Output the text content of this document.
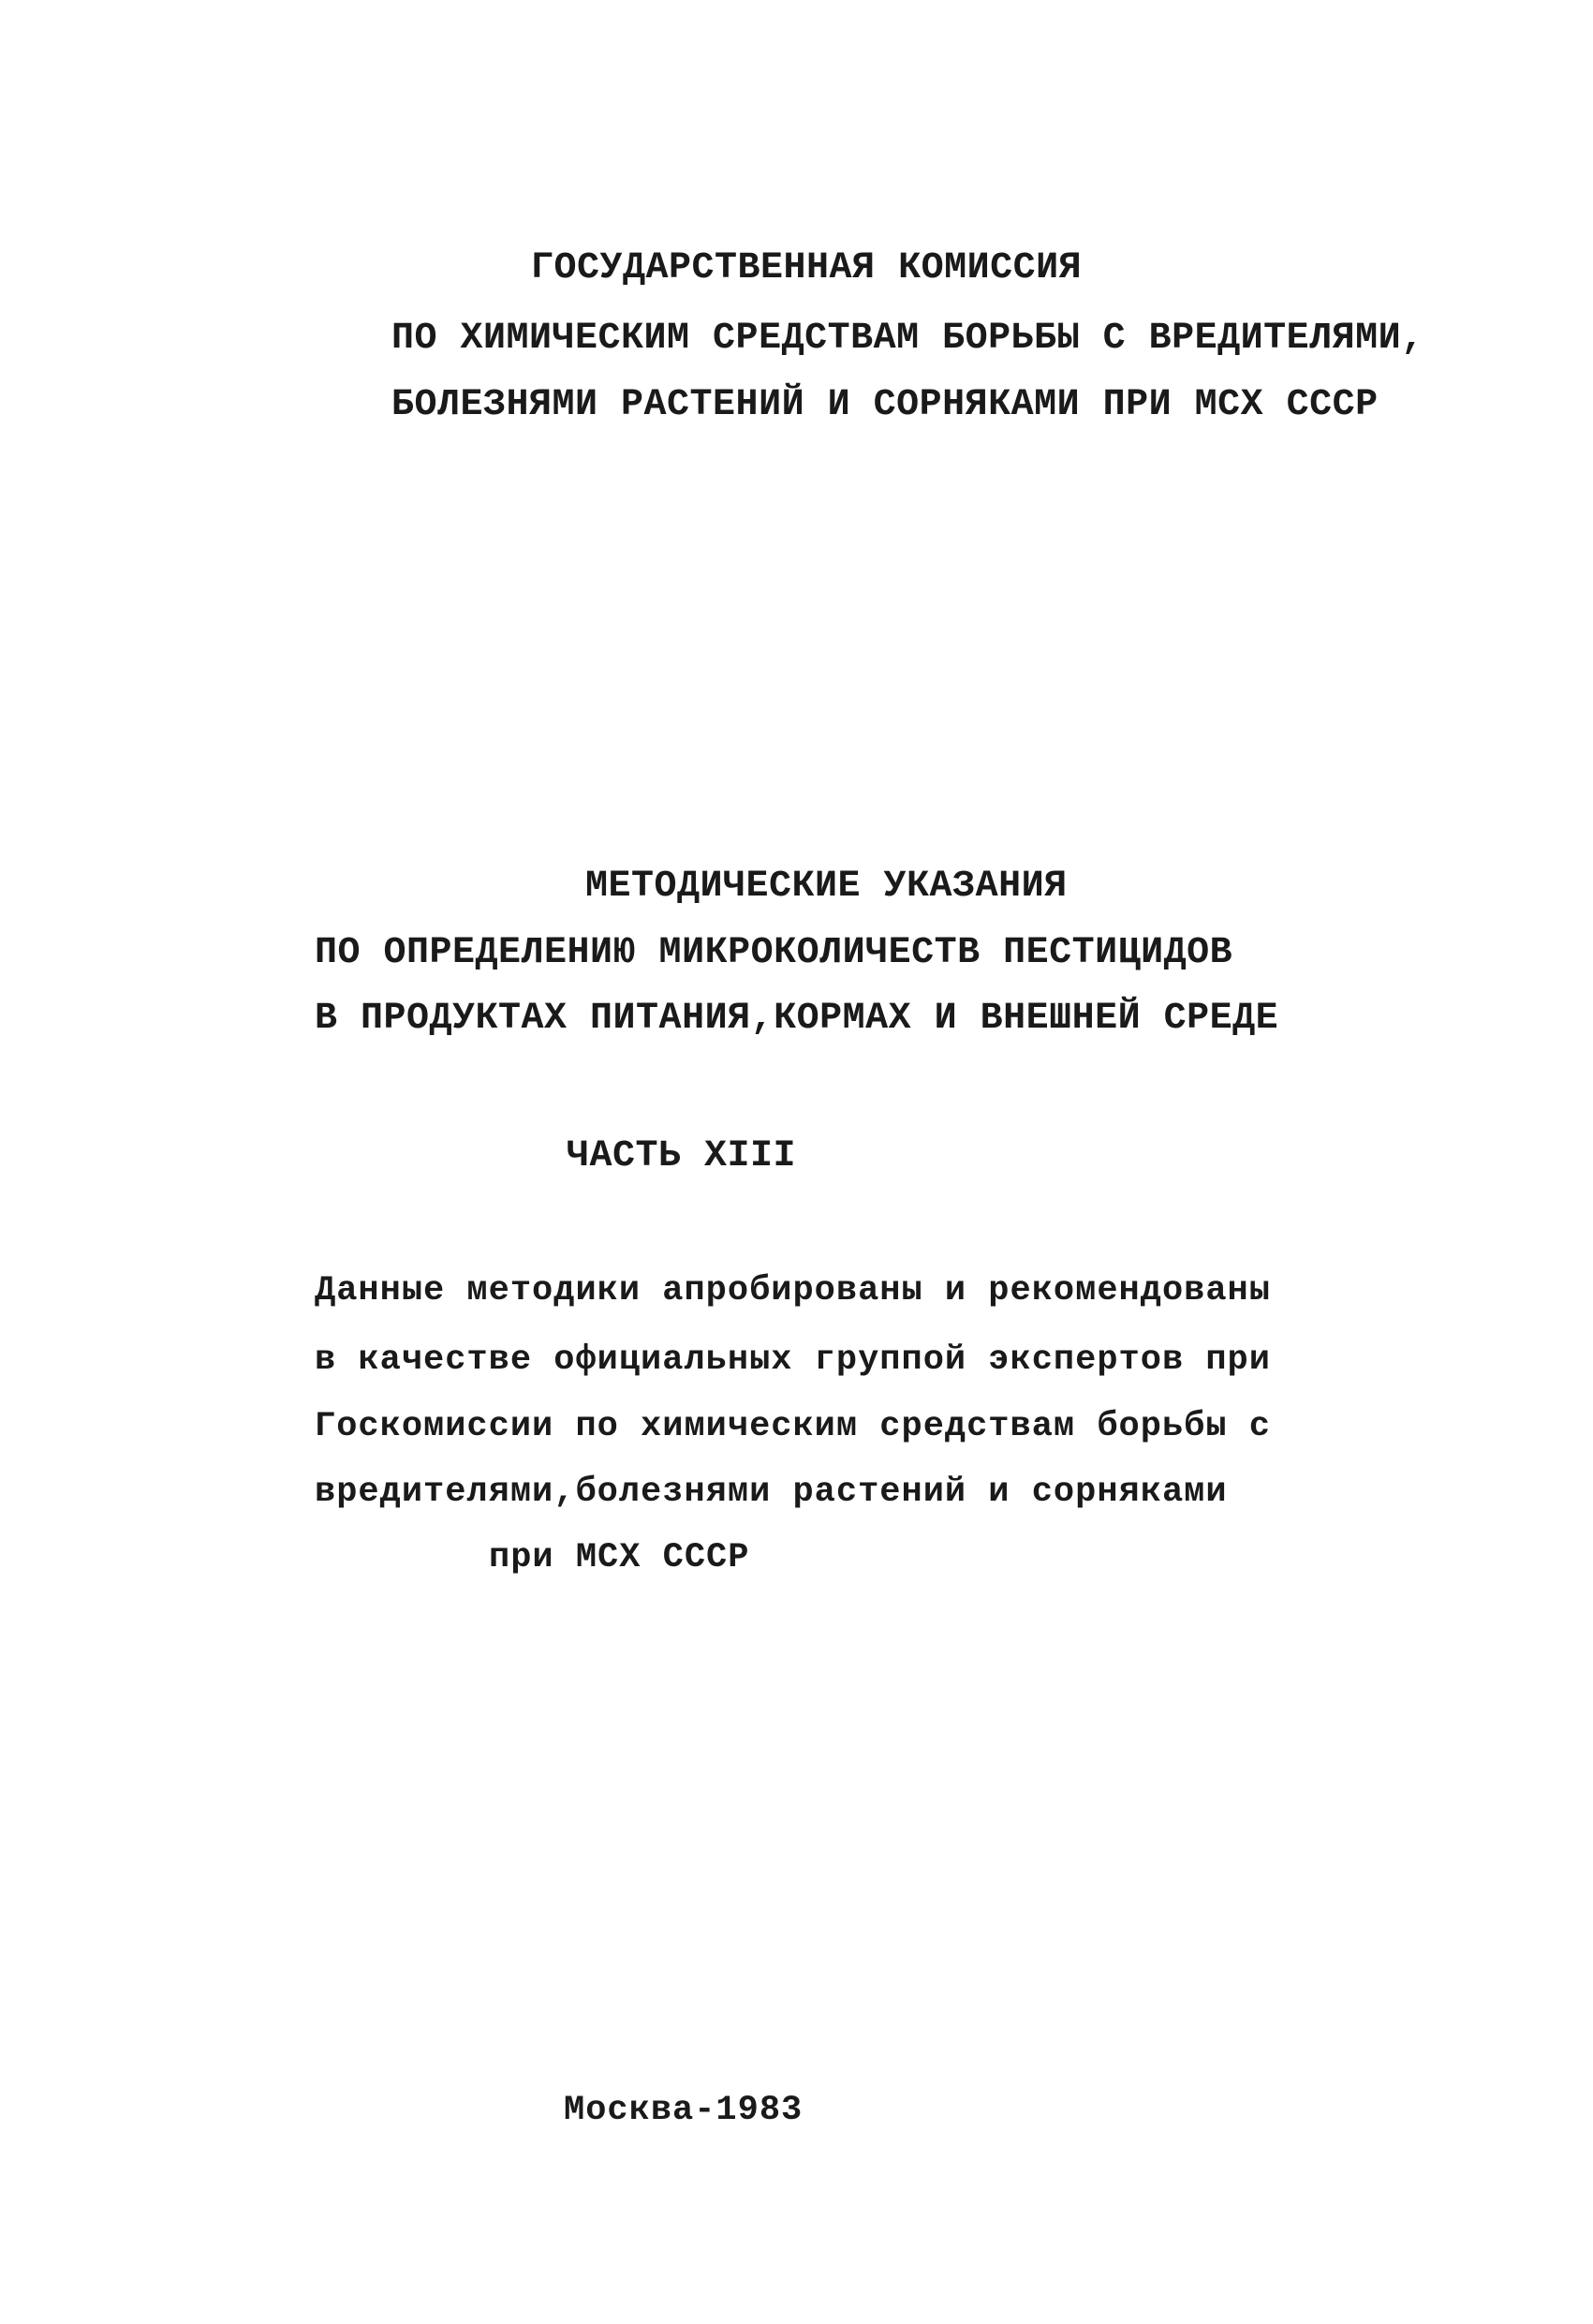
ГОСУДАРСТВЕННАЯ КОМИССИЯ
ПО ХИМИЧЕСКИМ СРЕДСТВАМ БОРЬБЫ С ВРЕДИТЕЛЯМИ,
БОЛЕЗНЯМИ РАСТЕНИЙ И СОРНЯКАМИ ПРИ МСХ СССР
МЕТОДИЧЕСКИЕ УКАЗАНИЯ
ПО ОПРЕДЕЛЕНИЮ МИКРОКОЛИЧЕСТВ ПЕСТИЦИДОВ
В ПРОДУКТАХ ПИТАНИЯ,КОРМАХ И ВНЕШНЕЙ СРЕДЕ
ЧАСТЬ XIII
Данные методики апробированы и рекомендованы
в качестве официальных группой экспертов при
Госкомиссии по химическим средствам борьбы с
вредителями,болезнями растений и сорняками
при МСХ СССР
Москва-1983
